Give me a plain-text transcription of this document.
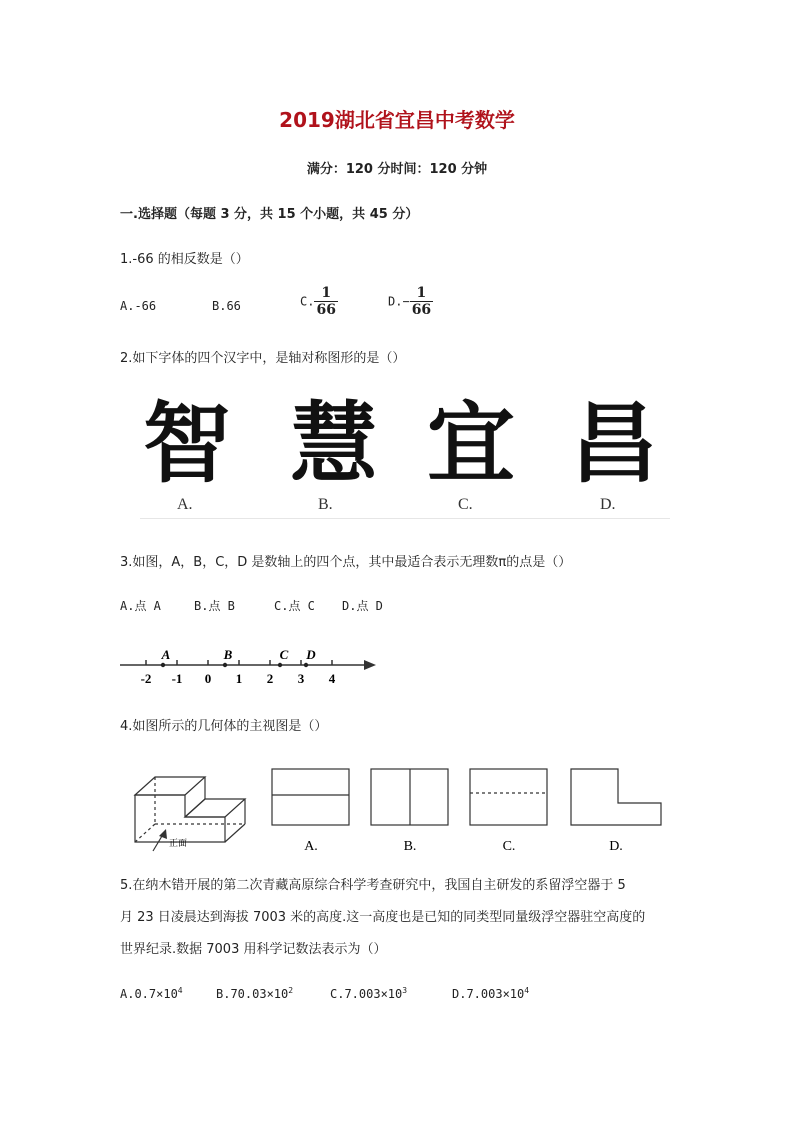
2019湖北省宜昌中考数学
满分：120 分时间：120 分钟
一.选择题（每题 3 分，共 15 个小题，共 45 分）
1.-66 的相反数是（）
A.-66	B.66	C. $\frac{1}{66}$	$D.- \frac{1}{66}$
2.如下字体的四个汉字中，是轴对称图形的是（）
智 慧 宜 昌
A.	B.	C.	D.
3.如图，A，B，C，D 是数轴上的四个点，其中最适合表示无理数π的点是（）
A.点 A	B.点 B	C.点 C D.点 D
-2 -1 0 1 2 3 4
A	B	C D
4.如图所示的几何体的主视图是（）
正面	A.	B.	C.	D.
5.在纳木错开展的第二次青藏高原综合科学考查研究中，我国自主研发的系留浮空器于 5
月 23 日凌晨达到海拔 7003 米的高度.这一高度也是已知的同类型同量级浮空器驻空高度的
世界纪录.数据 7003 用科学记数法表示为（）
$A.0.7\times 10^4$	$B.70.03\times 10^2$	$C.7.003\times 10^3$	$D.7.003\times 10^4$
